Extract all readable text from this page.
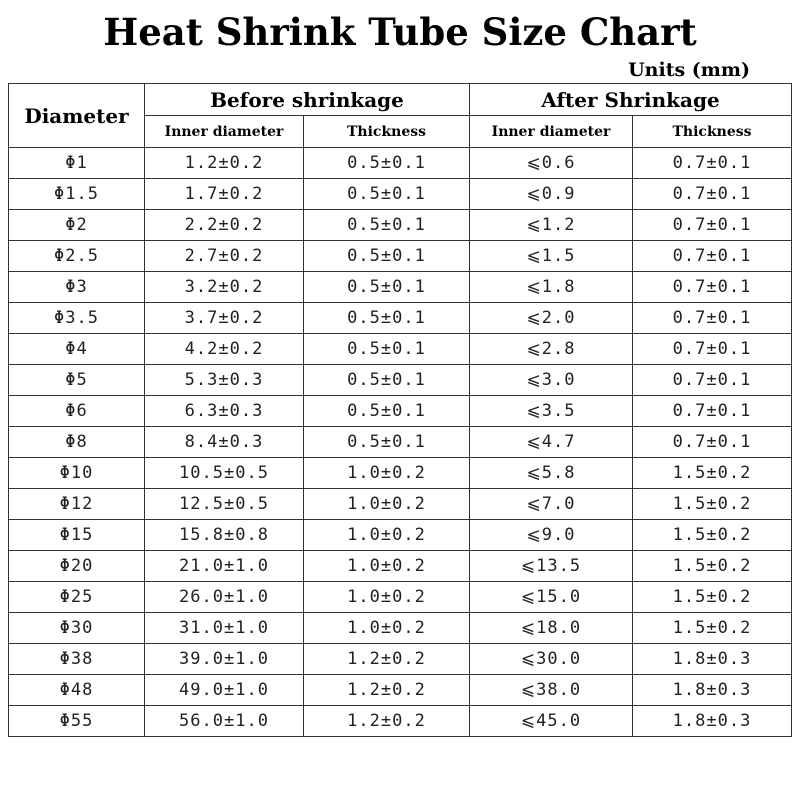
Heat Shrink Tube Size Chart
Units (mm)
Diameter	Before shrinkage		After Shrinkage	
	Inner diameter	Thickness	Inner diameter	Thickness
Φ1	1.2±0.2	0.5±0.1	⩽0.6	0.7±0.1
Φ1.5	1.7±0.2	0.5±0.1	⩽0.9	0.7±0.1
Φ2	2.2±0.2	0.5±0.1	⩽1.2	0.7±0.1
Φ2.5	2.7±0.2	0.5±0.1	⩽1.5	0.7±0.1
Φ3	3.2±0.2	0.5±0.1	⩽1.8	0.7±0.1
Φ3.5	3.7±0.2	0.5±0.1	⩽2.0	0.7±0.1
Φ4	4.2±0.2	0.5±0.1	⩽2.8	0.7±0.1
Φ5	5.3±0.3	0.5±0.1	⩽3.0	0.7±0.1
Φ6	6.3±0.3	0.5±0.1	⩽3.5	0.7±0.1
Φ8	8.4±0.3	0.5±0.1	⩽4.7	0.7±0.1
Φ10	10.5±0.5	1.0±0.2	⩽5.8	1.5±0.2
Φ12	12.5±0.5	1.0±0.2	⩽7.0	1.5±0.2
Φ15	15.8±0.8	1.0±0.2	⩽9.0	1.5±0.2
Φ20	21.0±1.0	1.0±0.2	⩽13.5	1.5±0.2
Φ25	26.0±1.0	1.0±0.2	⩽15.0	1.5±0.2
Φ30	31.0±1.0	1.0±0.2	⩽18.0	1.5±0.2
Φ38	39.0±1.0	1.2±0.2	⩽30.0	1.8±0.3
Φ48	49.0±1.0	1.2±0.2	⩽38.0	1.8±0.3
Φ55	56.0±1.0	1.2±0.2	⩽45.0	1.8±0.3
